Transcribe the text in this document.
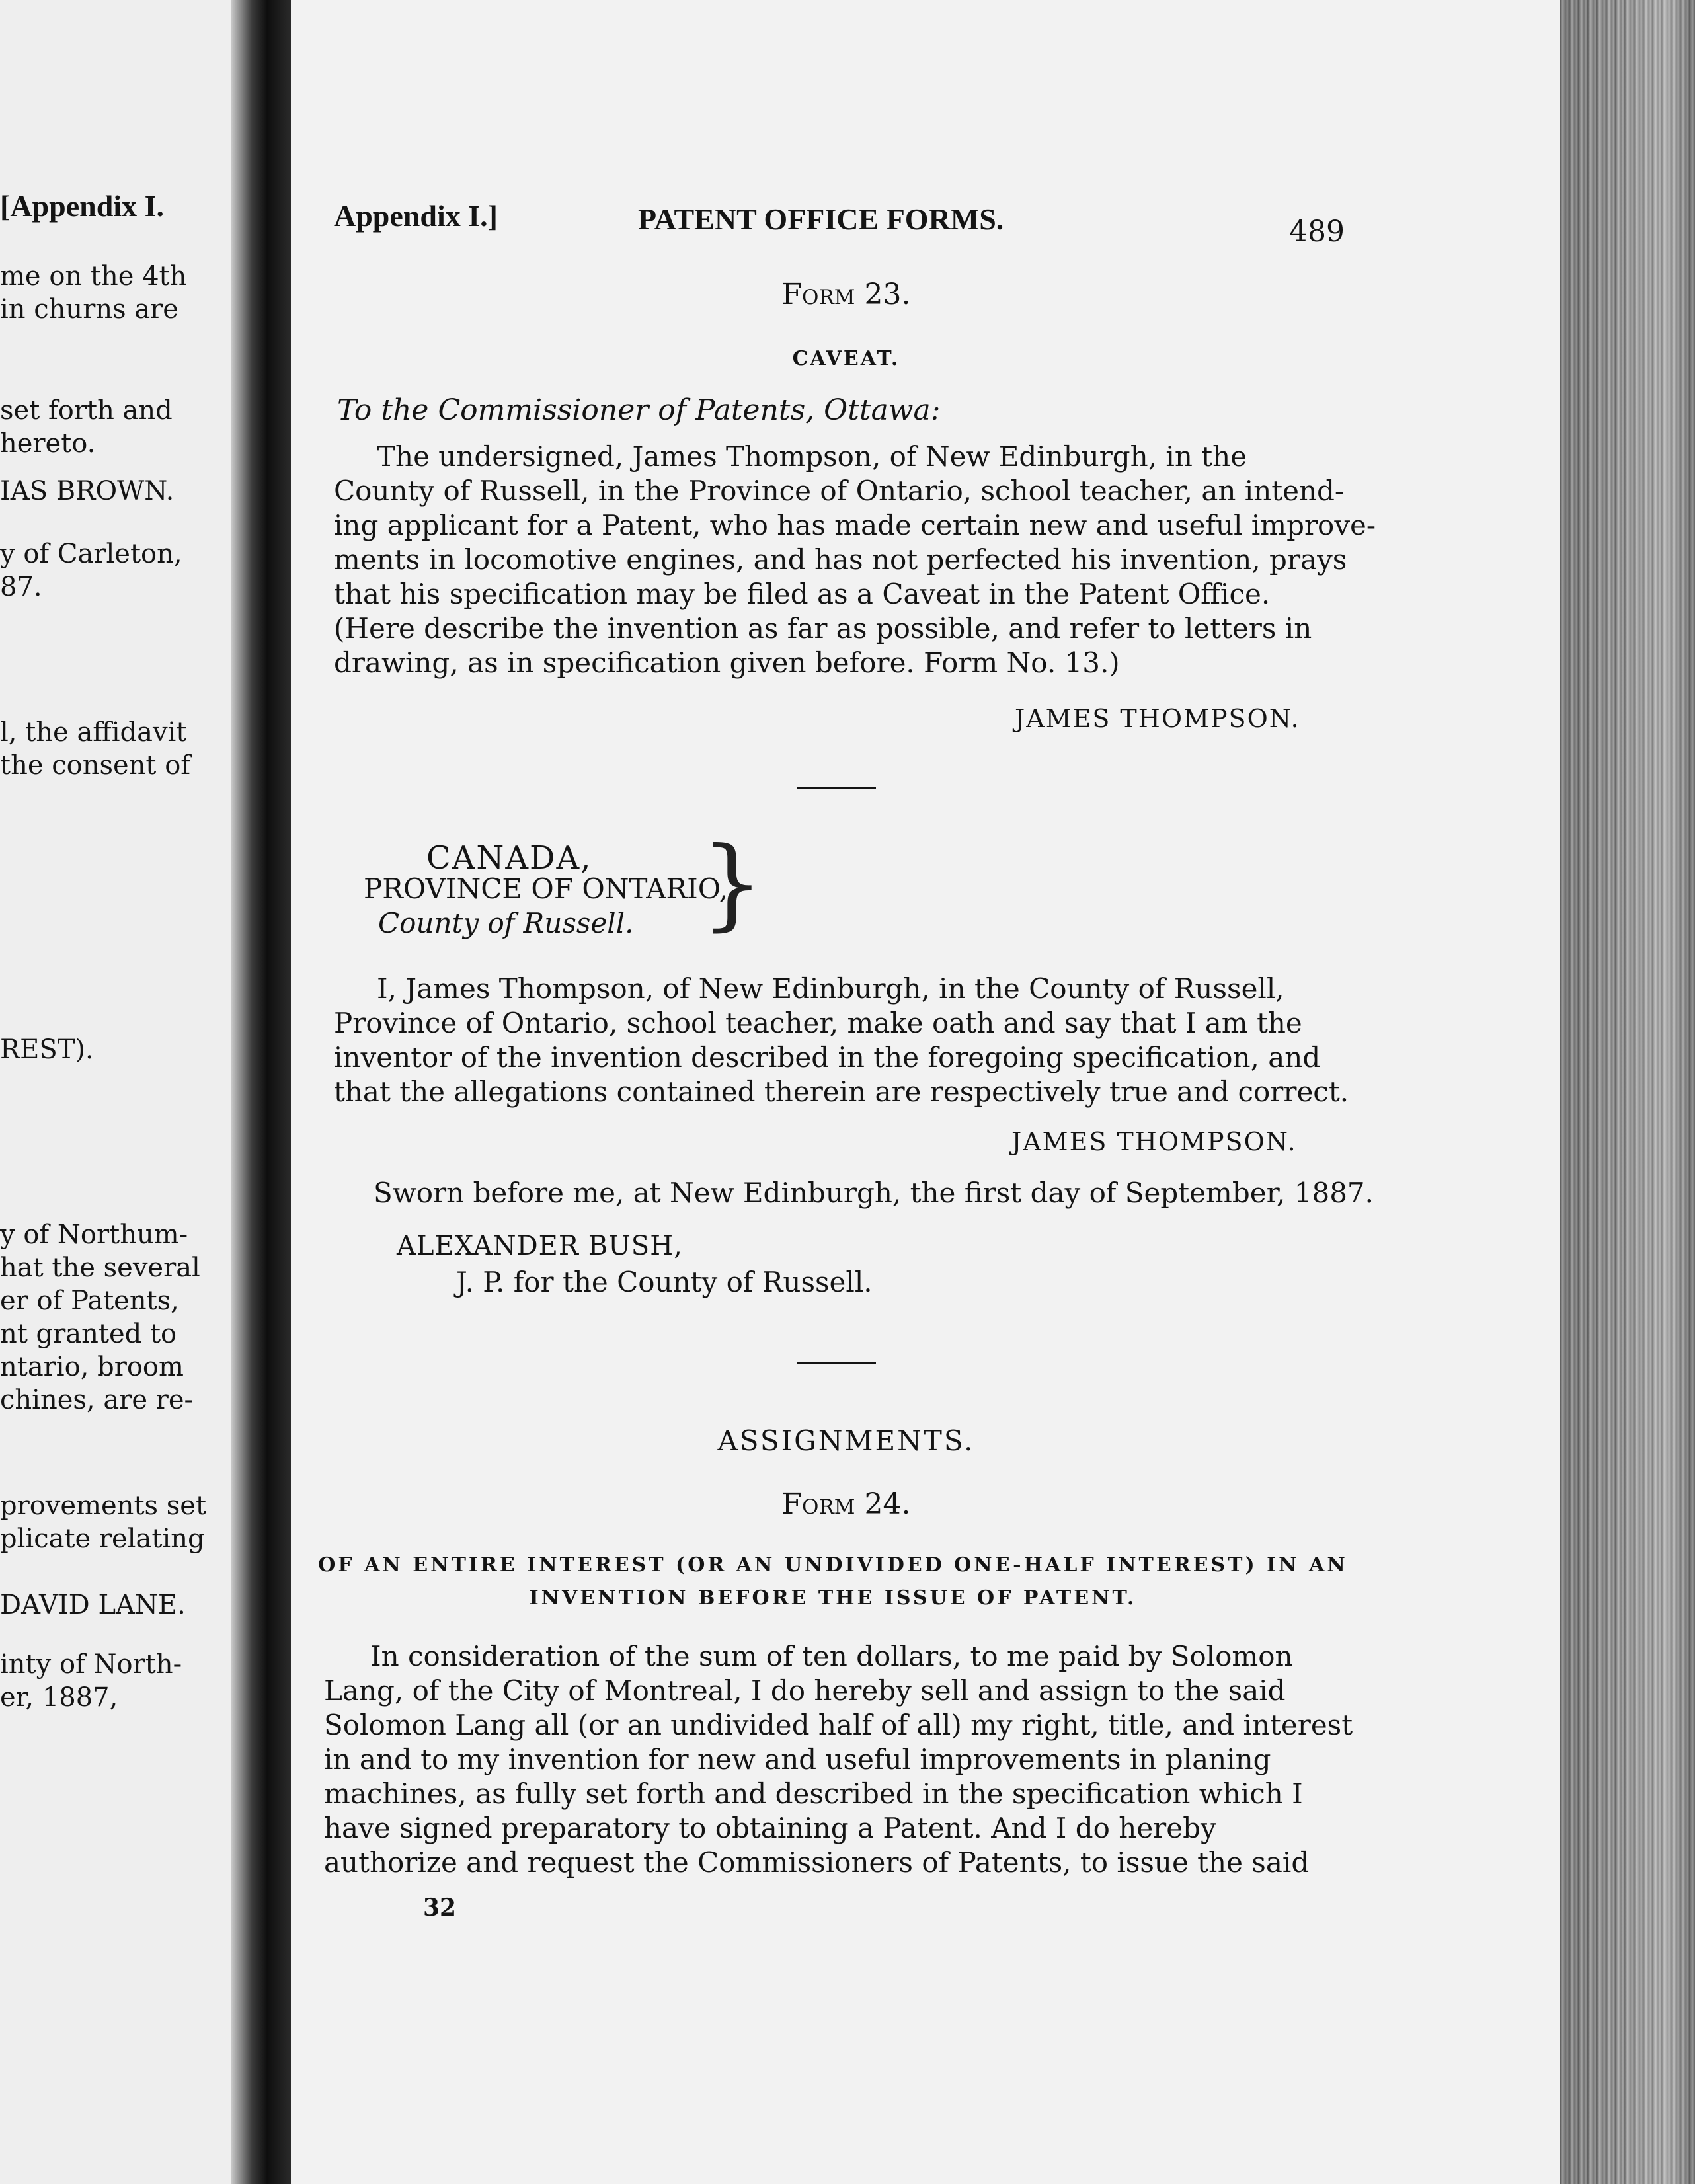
[Appendix I.
me on the 4th
in churns are
set forth and
hereto.
IAS BROWN.
y of Carleton,
87.
l, the affidavit
the consent of
REST).
y of Northum-
hat the several
er of Patents,
nt granted to
ntario, broom
chines, are re-
provements set
plicate relating
DAVID LANE.
inty of North-
er, 1887,
Appendix I.]	PATENT OFFICE FORMS.	489
Form 23.
CAVEAT.
To the Commissioner of Patents, Ottawa:
The undersigned, James Thompson, of New Edinburgh, in the
County of Russell, in the Province of Ontario, school teacher, an intend-
ing applicant for a Patent, who has made certain new and useful improve-
ments in locomotive engines, and has not perfected his invention, prays
that his specification may be filed as a Caveat in the Patent Office.
(Here describe the invention as far as possible, and refer to letters in
drawing, as in specification given before. Form No. 13.)
JAMES THOMPSON.
CANADA,
PROVINCE OF ONTARIO,
County of Russell. }
I, James Thompson, of New Edinburgh, in the County of Russell,
Province of Ontario, school teacher, make oath and say that I am the
inventor of the invention described in the foregoing specification, and
that the allegations contained therein are respectively true and correct.
JAMES THOMPSON.
Sworn before me, at New Edinburgh, the first day of September, 1887.
ALEXANDER BUSH,
J. P. for the County of Russell.
ASSIGNMENTS.
Form 24.
OF AN ENTIRE INTEREST (OR AN UNDIVIDED ONE-HALF INTEREST) IN AN
INVENTION BEFORE THE ISSUE OF PATENT.
In consideration of the sum of ten dollars, to me paid by Solomon
Lang, of the City of Montreal, I do hereby sell and assign to the said
Solomon Lang all (or an undivided half of all) my right, title, and interest
in and to my invention for new and useful improvements in planing
machines, as fully set forth and described in the specification which I
have signed preparatory to obtaining a Patent. And I do hereby
authorize and request the Commissioners of Patents, to issue the said
32
